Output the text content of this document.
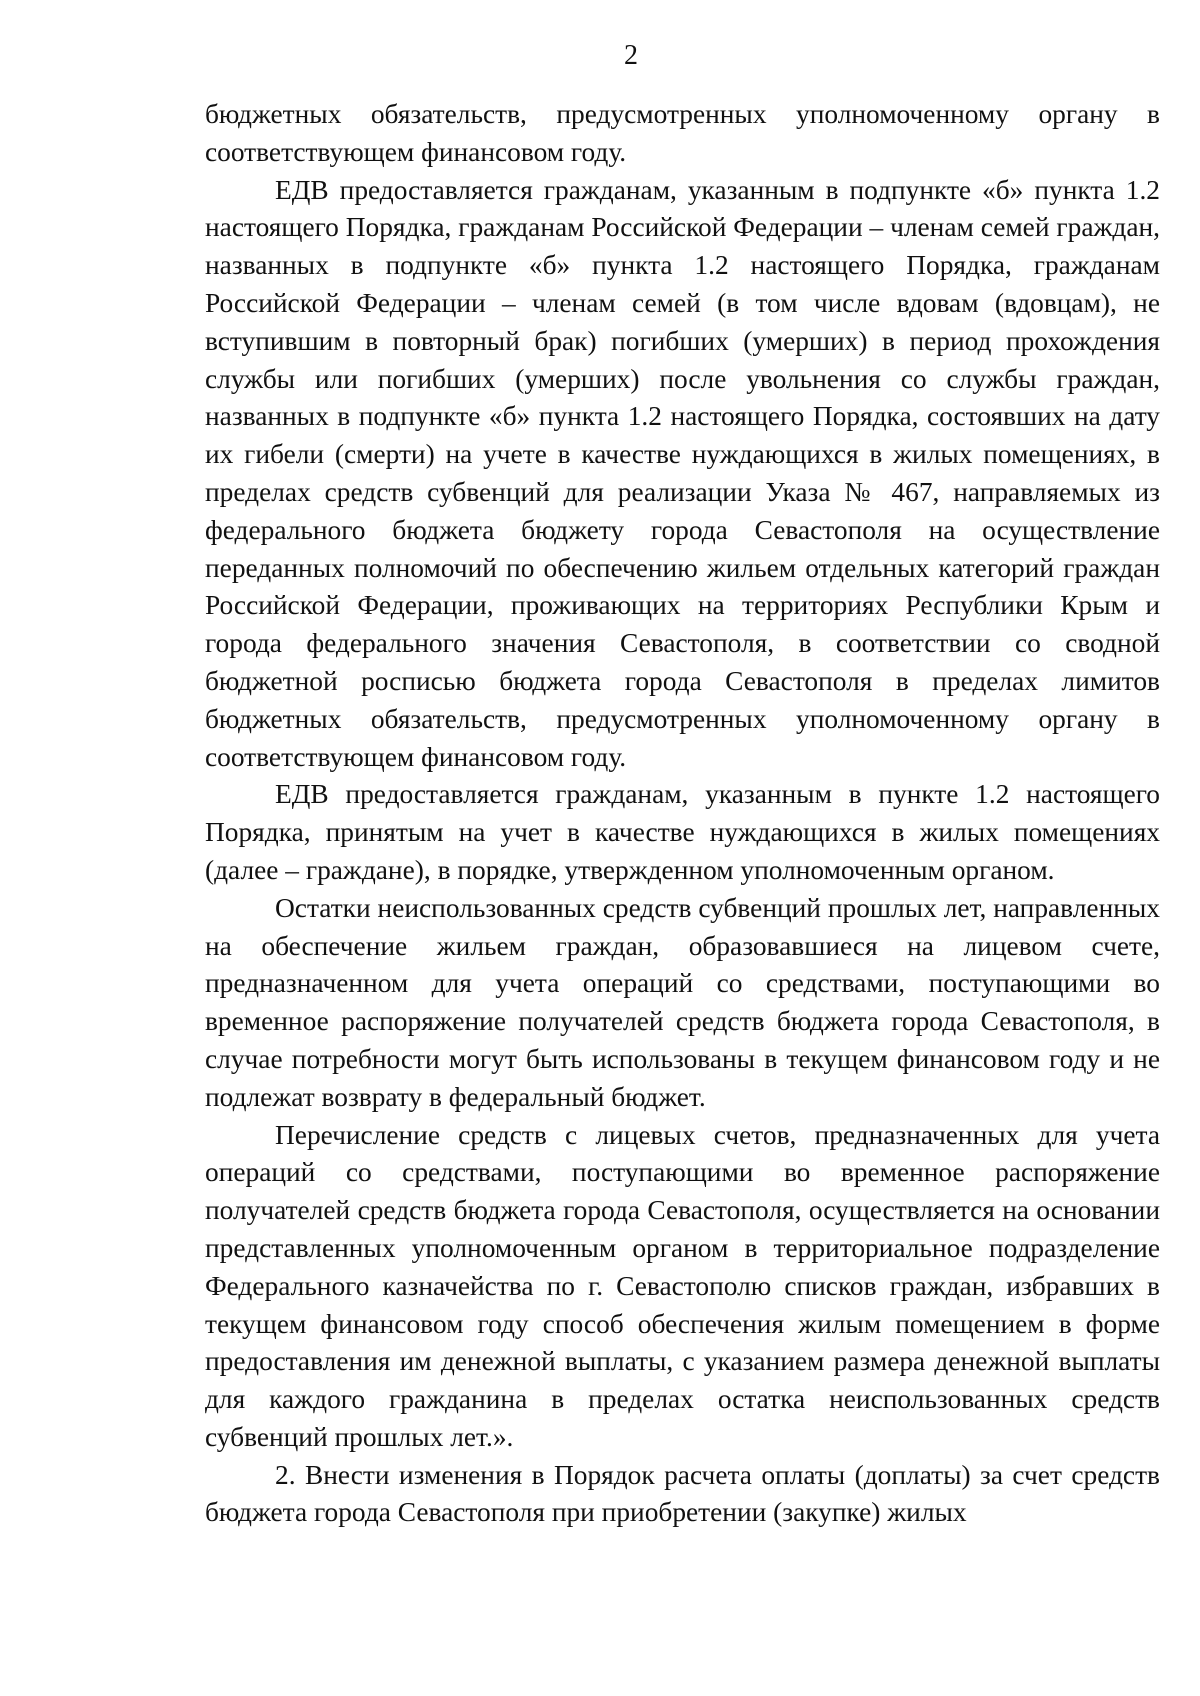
2

бюджетных обязательств, предусмотренных уполномоченному органу в соответствующем финансовом году.

ЕДВ предоставляется гражданам, указанным в подпункте «б» пункта 1.2 настоящего Порядка, гражданам Российской Федерации – членам семей граждан, названных в подпункте «б» пункта 1.2 настоящего Порядка, гражданам Российской Федерации – членам семей (в том числе вдовам (вдовцам), не вступившим в повторный брак) погибших (умерших) в период прохождения службы или погибших (умерших) после увольнения со службы граждан, названных в подпункте «б» пункта 1.2 настоящего Порядка, состоявших на дату их гибели (смерти) на учете в качестве нуждающихся в жилых помещениях, в пределах средств субвенций для реализации Указа № 467, направляемых из федерального бюджета бюджету города Севастополя на осуществление переданных полномочий по обеспечению жильем отдельных категорий граждан Российской Федерации, проживающих на территориях Республики Крым и города федерального значения Севастополя, в соответствии со сводной бюджетной росписью бюджета города Севастополя в пределах лимитов бюджетных обязательств, предусмотренных уполномоченному органу в соответствующем финансовом году.

ЕДВ предоставляется гражданам, указанным в пункте 1.2 настоящего Порядка, принятым на учет в качестве нуждающихся в жилых помещениях (далее – граждане), в порядке, утвержденном уполномоченным органом.

Остатки неиспользованных средств субвенций прошлых лет, направленных на обеспечение жильем граждан, образовавшиеся на лицевом счете, предназначенном для учета операций со средствами, поступающими во временное распоряжение получателей средств бюджета города Севастополя, в случае потребности могут быть использованы в текущем финансовом году и не подлежат возврату в федеральный бюджет.

Перечисление средств с лицевых счетов, предназначенных для учета операций со средствами, поступающими во временное распоряжение получателей средств бюджета города Севастополя, осуществляется на основании представленных уполномоченным органом в территориальное подразделение Федерального казначейства по г. Севастополю списков граждан, избравших в текущем финансовом году способ обеспечения жилым помещением в форме предоставления им денежной выплаты, с указанием размера денежной выплаты для каждого гражданина в пределах остатка неиспользованных средств субвенций прошлых лет.».

2. Внести изменения в Порядок расчета оплаты (доплаты) за счет средств бюджета города Севастополя при приобретении (закупке) жилых
